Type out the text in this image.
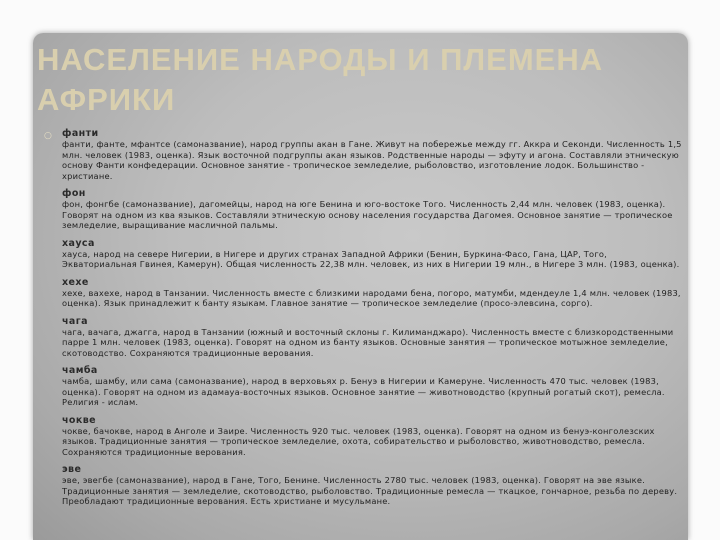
НАСЕЛЕНИЕ НАРОДЫ И ПЛЕМЕНА АФРИКИ
○ фанти
фанти, фанте, мфантсе (самоназвание), народ группы акан в Гане. Живут на побережье между гг. Аккра и Секонди. Численность 1,5 млн. человек (1983, оценка). Язык восточной подгруппы акан языков. Родственные народы — эфуту и агона. Составляли этническую основу Фанти конфедерации. Основное занятие - тропическое земледелие, рыболовство, изготовление лодок. Большинство - христиане.
фон
фон, фонгбе (самоназвание), дагомейцы, народ на юге Бенина и юго-востоке Того. Численность 2,44 млн. человек (1983, оценка). Говорят на одном из ква языков. Составляли этническую основу населения государства Дагомея. Основное занятие — тропическое земледелие, выращивание масличной пальмы.
хауса
хауса, народ на севере Нигерии, в Нигере и других странах Западной Африки (Бенин, Буркина-Фасо, Гана, ЦАР, Того, Экваториальная Гвинея, Камерун). Общая численность 22,38 млн. человек, из них в Нигерии 19 млн., в Нигере 3 млн. (1983, оценка).
хехе
хехе, вахехе, народ в Танзании. Численность вместе с близкими народами бена, погоро, матумби, мдендеуле 1,4 млн. человек (1983, оценка). Язык принадлежит к банту языкам. Главное занятие — тропическое земледелие (просо-элевсина, сорго).
чага
чага, вачага, джагга, народ в Танзании (южный и восточный склоны г. Килиманджаро). Численность вместе с близкородственными парре 1 млн. человек (1983, оценка). Говорят на одном из банту языков. Основные занятия — тропическое мотыжное земледелие, скотоводство. Сохраняются традиционные верования.
чамба
чамба, шамбу, или сама (самоназвание), народ в верховьях р. Бенуэ в Нигерии и Камеруне. Численность 470 тыс. человек (1983, оценка). Говорят на одном из адамауа-восточных языков. Основное занятие — животноводство (крупный рогатый скот), ремесла. Религия - ислам.
чокве
чокве, бачокве, народ в Анголе и Заире. Численность 920 тыс. человек (1983, оценка). Говорят на одном из бенуэ-конголезских языков. Традиционные занятия — тропическое земледелие, охота, собирательство и рыболовство, животноводство, ремесла. Сохраняются традиционные верования.
эве
эве, эвегбе (самоназвание), народ в Гане, Того, Бенине. Численность 2780 тыс. человек (1983, оценка). Говорят на эве языке. Традиционные занятия — земледелие, скотоводство, рыболовство. Традиционные ремесла — ткацкое, гончарное, резьба по дереву. Преобладают традиционные верования. Есть христиане и мусульмане.
